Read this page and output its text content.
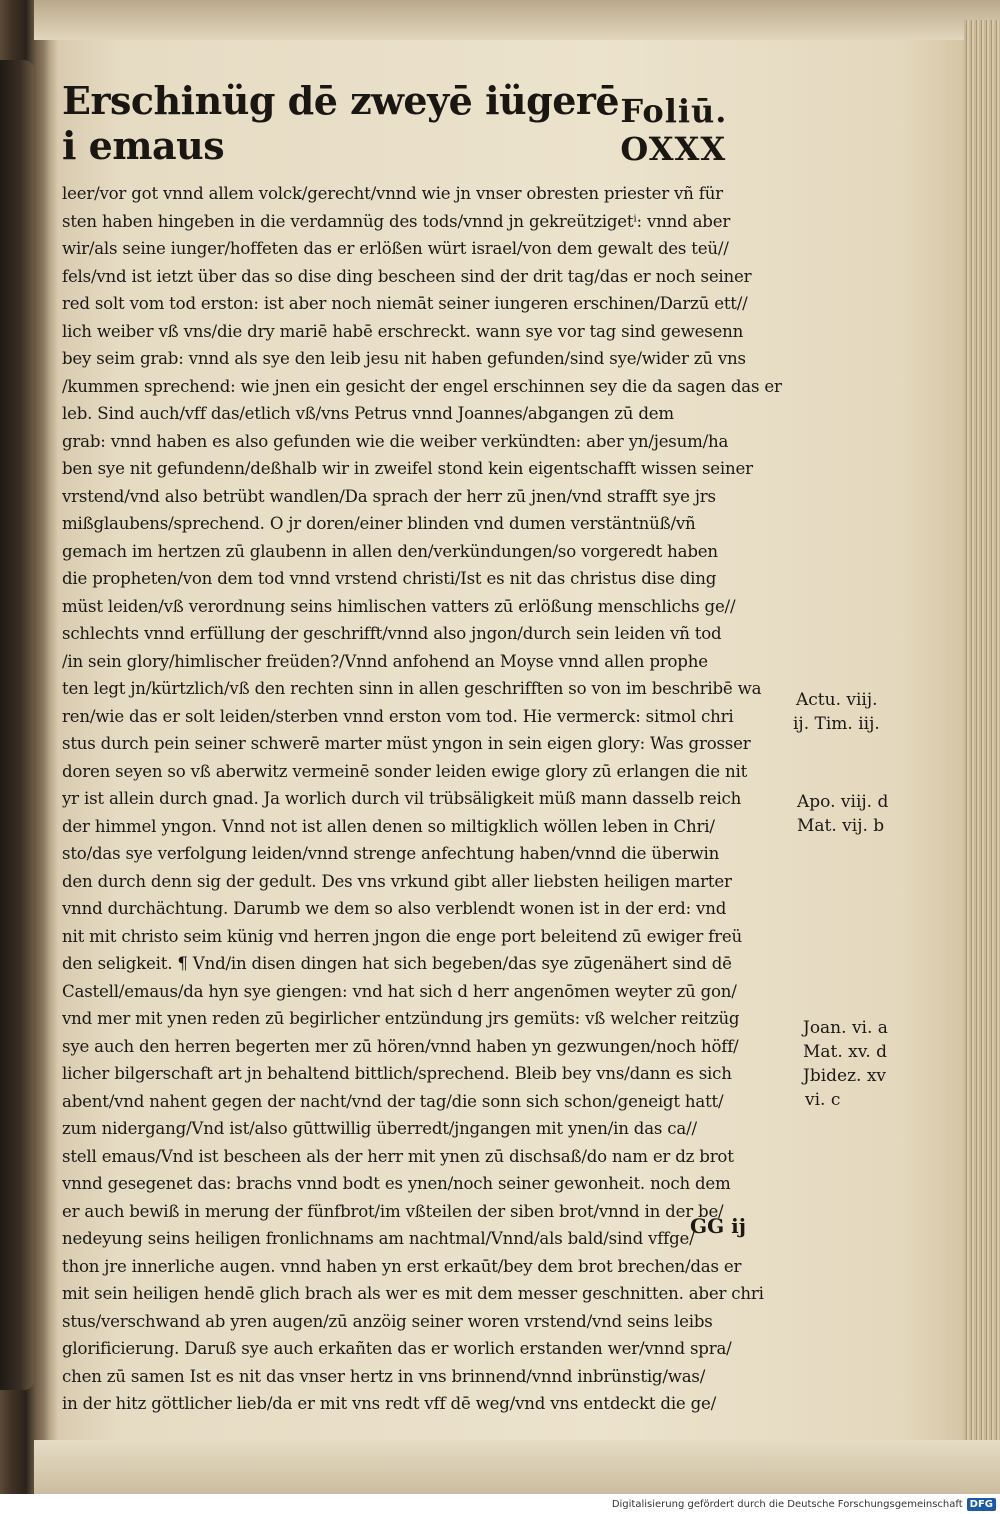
Erschinüg dē zweyē iügerē i emaus
Foliū. OXXX
leer/vor got vnnd allem volck/gerecht/vnnd wie jn vnser obresten priester vñ für
sten haben hingeben in die verdamnüg des tods/vnnd jn gekreützigetⁱ: vnnd aber
wir/als seine iunger/hoffeten das er erlößen würt israel/von dem gewalt des teü//
fels/vnd ist ietzt über das so dise ding bescheen sind der drit tag/das er noch seiner
red solt vom tod erston: ist aber noch niemāt seiner iungeren erschinen/Darzū ett//
lich weiber vß vns/die dry mariē habē erschreckt. wann sye vor tag sind gewesenn
bey seim grab: vnnd als sye den leib jesu nit haben gefunden/sind sye/wider zū vns
/kummen sprechend: wie jnen ein gesicht der engel erschinnen sey die da sagen das er
leb. Sind auch/vff das/etlich vß/vns Petrus vnnd Joannes/abgangen zū dem
grab: vnnd haben es also gefunden wie die weiber verkündten: aber yn/jesum/ha
ben sye nit gefundenn/deßhalb wir in zweifel stond kein eigentschafft wissen seiner
vrstend/vnd also betrübt wandlen/Da sprach der herr zū jnen/vnd strafft sye jrs
mißglaubens/sprechend. O jr doren/einer blinden vnd dumen verstäntnüß/vñ
gemach im hertzen zū glaubenn in allen den/verkündungen/so vorgeredt haben
die propheten/von dem tod vnnd vrstend christi/Ist es nit das christus dise ding
müst leiden/vß verordnung seins himlischen vatters zū erlößung menschlichs ge//
schlechts vnnd erfüllung der geschrifft/vnnd also jngon/durch sein leiden vñ tod
/in sein glory/himlischer freüden?/Vnnd anfohend an Moyse vnnd allen prophe
ten legt jn/kürtzlich/vß den rechten sinn in allen geschrifften so von im beschribē wa
ren/wie das er solt leiden/sterben vnnd erston vom tod. Hie vermerck: sitmol chri
stus durch pein seiner schwerē marter müst yngon in sein eigen glory: Was grosser
doren seyen so vß aberwitz vermeinē sonder leiden ewige glory zū erlangen die nit
yr ist allein durch gnad. Ja worlich durch vil trübsäligkeit müß mann dasselb reich
der himmel yngon. Vnnd not ist allen denen so miltigklich wöllen leben in Chri/
sto/das sye verfolgung leiden/vnnd strenge anfechtung haben/vnnd die überwin
den durch denn sig der gedult. Des vns vrkund gibt aller liebsten heiligen marter
vnnd durchächtung. Darumb we dem so also verblendt wonen ist in der erd: vnd
nit mit christo seim künig vnd herren jngon die enge port beleitend zū ewiger freü
den seligkeit. ¶ Vnd/in disen dingen hat sich begeben/das sye zūgenähert sind dē
Castell/emaus/da hyn sye giengen: vnd hat sich d herr angenōmen weyter zū gon/
vnd mer mit ynen reden zū begirlicher entzündung jrs gemüts: vß welcher reitzüg
sye auch den herren begerten mer zū hören/vnnd haben yn gezwungen/noch höff/
licher bilgerschaft art jn behaltend bittlich/sprechend. Bleib bey vns/dann es sich
abent/vnd nahent gegen der nacht/vnd der tag/die sonn sich schon/geneigt hatt/
zum nidergang/Vnd ist/also gūttwillig überredt/jngangen mit ynen/in das ca//
stell emaus/Vnd ist bescheen als der herr mit ynen zū dischsaß/do nam er dz brot
vnnd gesegenet das: brachs vnnd bodt es ynen/noch seiner gewonheit. noch dem
er auch bewiß in merung der fünfbrot/im vßteilen der siben brot/vnnd in der be/
nedeyung seins heiligen fronlichnams am nachtmal/Vnnd/als bald/sind vffge/
thon jre innerliche augen. vnnd haben yn erst erkaūt/bey dem brot brechen/das er
mit sein heiligen hendē glich brach als wer es mit dem messer geschnitten. aber chri
stus/verschwand ab yren augen/zū anzöig seiner woren vrstend/vnd seins leibs
glorificierung. Daruß sye auch erkañten das er worlich erstanden wer/vnnd spra/
chen zū samen Ist es nit das vnser hertz in vns brinnend/vnnd inbrünstig/was/
in der hitz göttlicher lieb/da er mit vns redt vff dē weg/vnd vns entdeckt die ge/
GG ij
Actu. viij.
ij. Tim. iij.
Apo. viij. d
Mat. vij. b
Joan. vi. a
Mat. xv. d
Jbidez. xv
vi. c
Digitalisierung gefördert durch die Deutsche Forschungsgemeinschaft DFG
